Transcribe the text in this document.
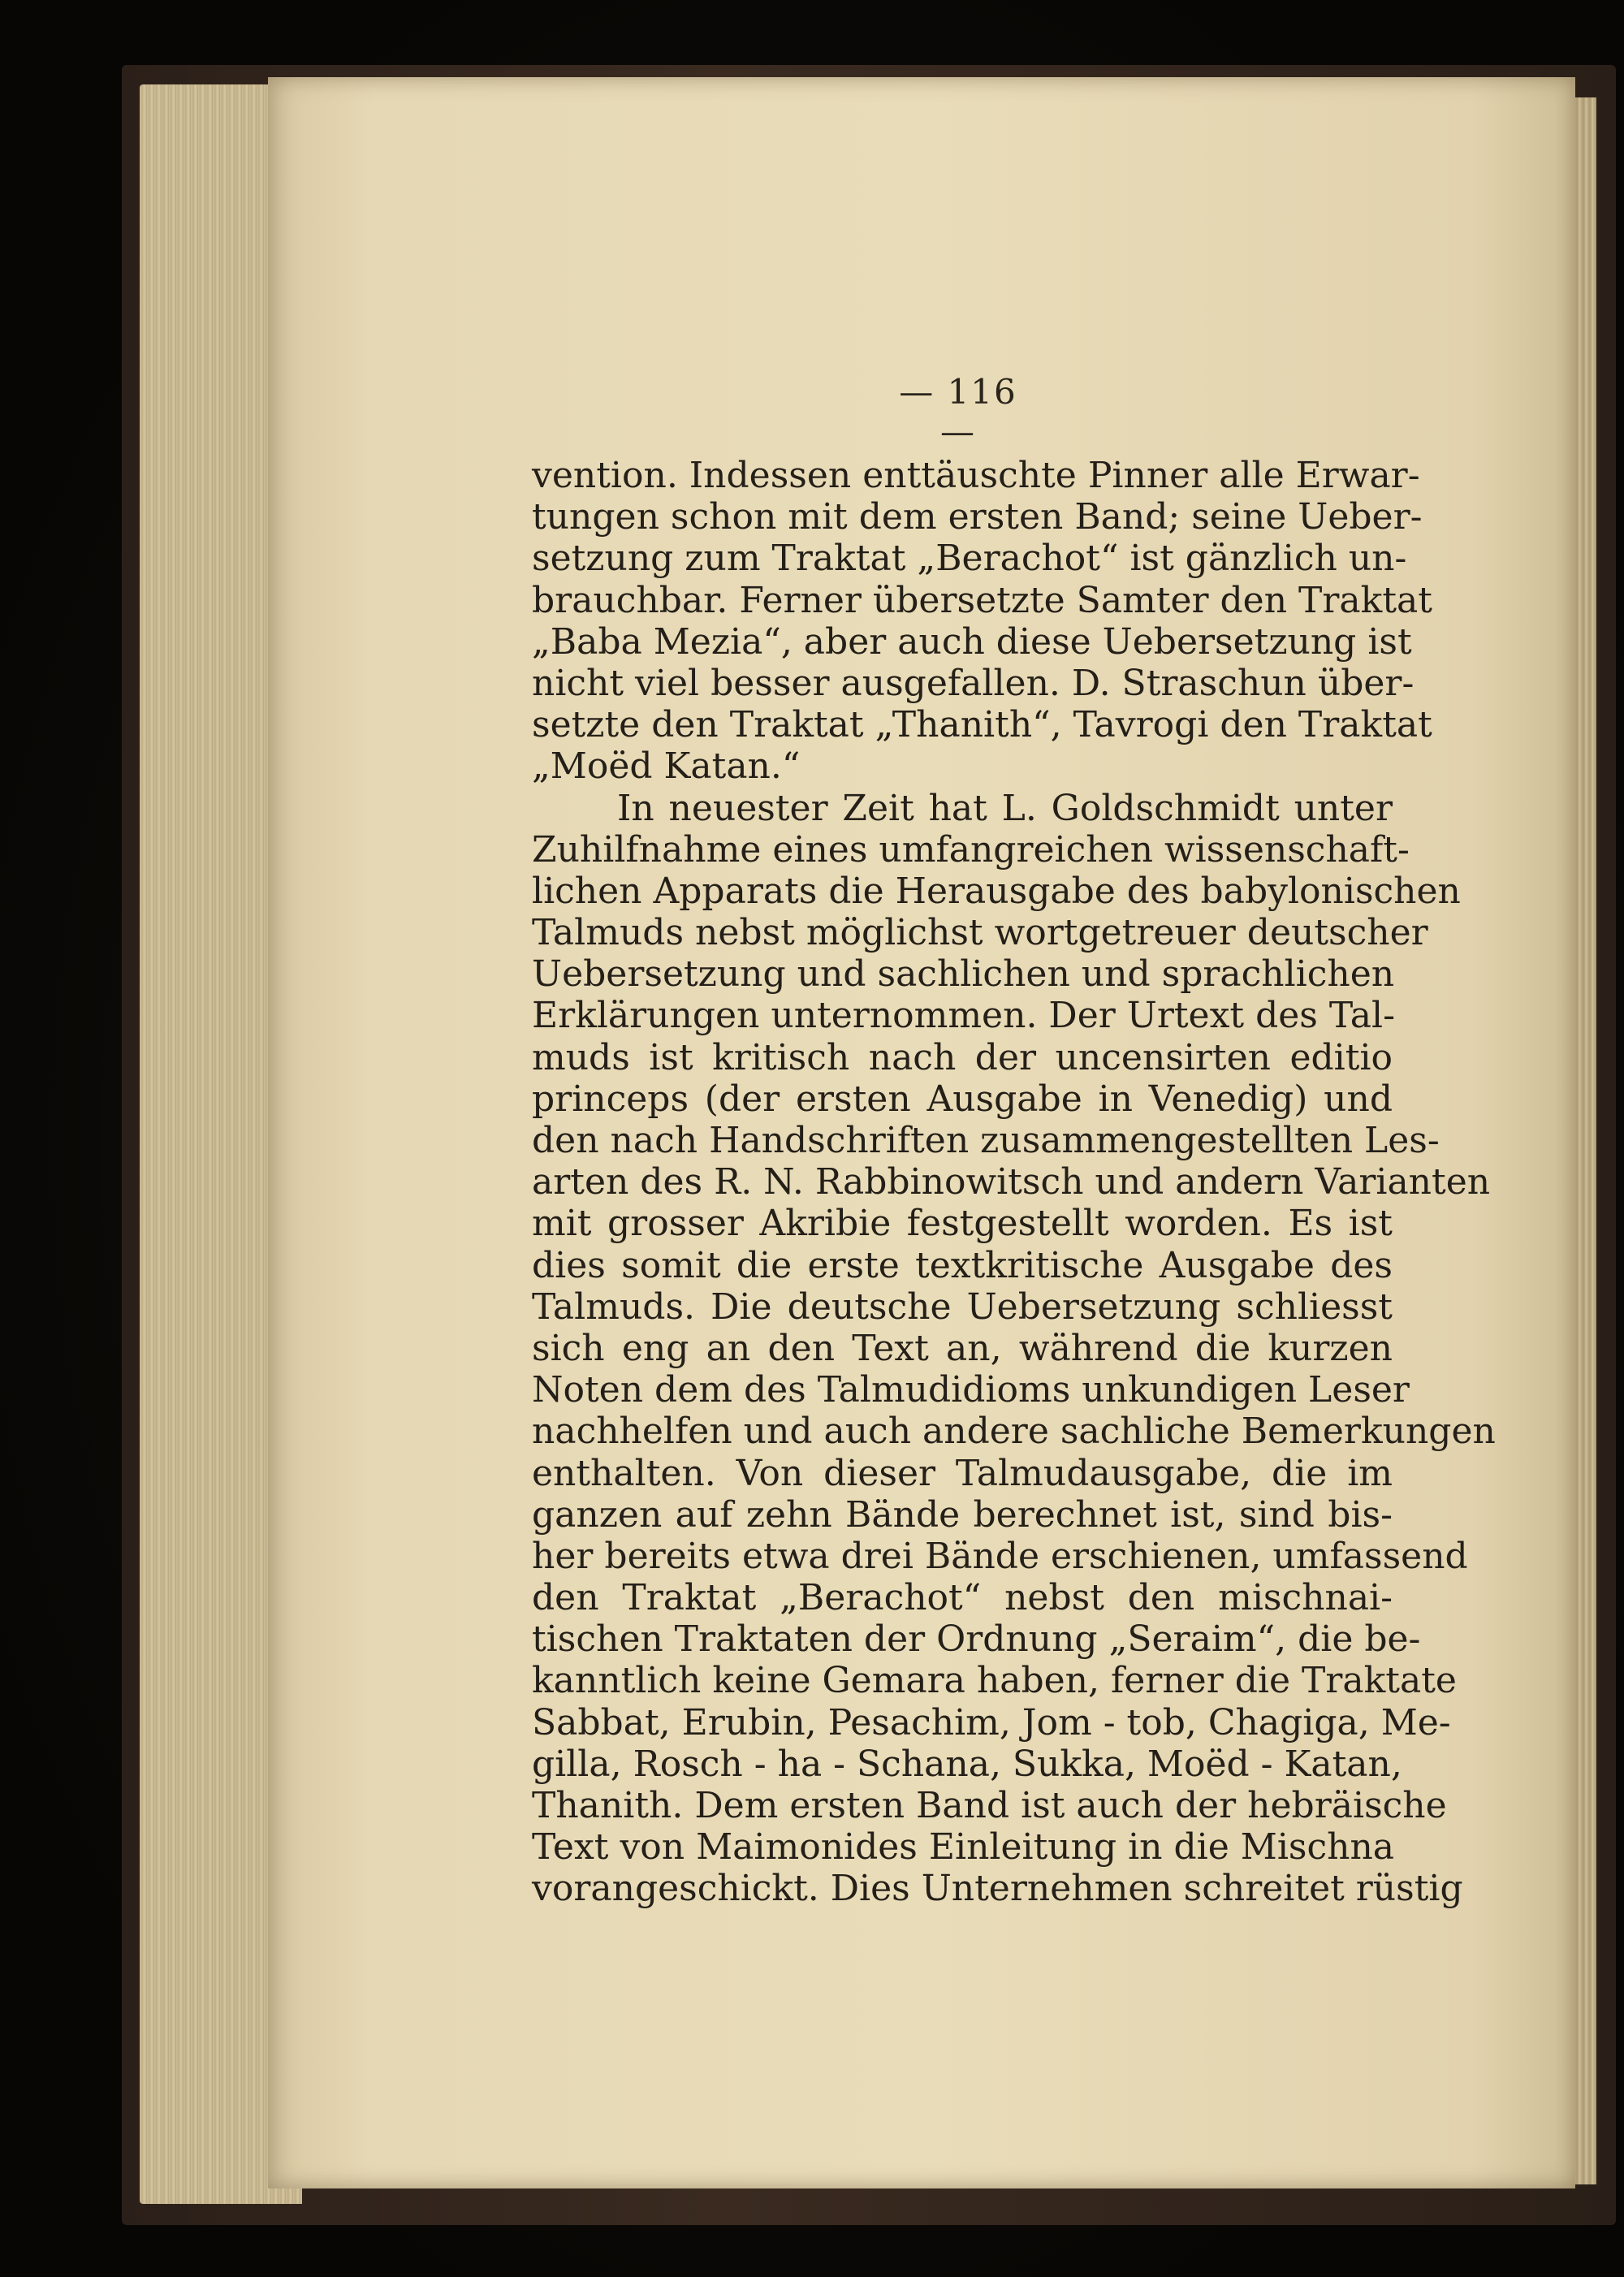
— 116 —
vention. Indessen enttäuschte Pinner alle Erwar-
tungen schon mit dem ersten Band; seine Ueber-
setzung zum Traktat „Berachot“ ist gänzlich un-
brauchbar. Ferner übersetzte Samter den Traktat
„Baba Mezia“, aber auch diese Uebersetzung ist
nicht viel besser ausgefallen. D. Straschun über-
setzte den Traktat „Thanith“, Tavrogi den Traktat
„Moëd Katan.“
In neuester Zeit hat L. Goldschmidt unter
Zuhilfnahme eines umfangreichen wissenschaft-
lichen Apparats die Herausgabe des babylonischen
Talmuds nebst möglichst wortgetreuer deutscher
Uebersetzung und sachlichen und sprachlichen
Erklärungen unternommen. Der Urtext des Tal-
muds ist kritisch nach der uncensirten editio
princeps (der ersten Ausgabe in Venedig) und
den nach Handschriften zusammengestellten Les-
arten des R. N. Rabbinowitsch und andern Varianten
mit grosser Akribie festgestellt worden. Es ist
dies somit die erste textkritische Ausgabe des
Talmuds. Die deutsche Uebersetzung schliesst
sich eng an den Text an, während die kurzen
Noten dem des Talmudidioms unkundigen Leser
nachhelfen und auch andere sachliche Bemerkungen
enthalten. Von dieser Talmudausgabe, die im
ganzen auf zehn Bände berechnet ist, sind bis-
her bereits etwa drei Bände erschienen, umfassend
den Traktat „Berachot“ nebst den mischnai-
tischen Traktaten der Ordnung „Seraim“, die be-
kanntlich keine Gemara haben, ferner die Traktate
Sabbat, Erubin, Pesachim, Jom - tob, Chagiga, Me-
gilla, Rosch - ha - Schana, Sukka, Moëd - Katan,
Thanith. Dem ersten Band ist auch der hebräische
Text von Maimonides Einleitung in die Mischna
vorangeschickt. Dies Unternehmen schreitet rüstig
